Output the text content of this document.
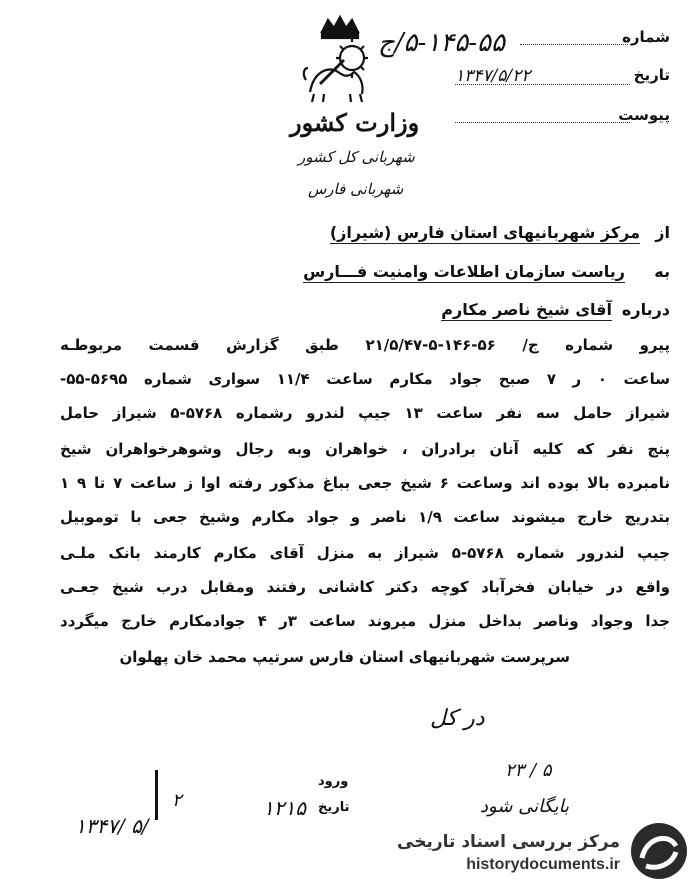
شماره
۵-۱۴۵-۵۵/ج
تاریخ
۱۳۴۷/۵/۲۲
پیوست
وزارت کشور
شهربانی کل کشور
شهربانی فارس
از
مرکز شهربانیهای استان فارس (شیراز)
به
ریاست سازمان اطلاعات وامنیت فـــارس
درباره
آقای شیخ ناصر مکارم
پیرو شماره ج/ ۵۶-۱۴۶-۵-۲۱/۵/۴۷ طبق گزارش قسمت مربوطـه
ساعت ۰ ر ۷ صبح جواد مکارم ساعت ۱۱/۴ سواری شماره ۵۶۹۵-۵۵-
شیراز حامل سه نفر ساعت ۱۳ جیپ لندرو رشماره ۵۷۶۸-۵ شیراز حامل
پنج نفر که کلیه آنان برادران ، خواهران وبه رجال وشوهرخواهران شیخ
نامبرده بالا بوده اند وساعت ۶ شیخ جعی بباغ مذکور رفته اوا ز ساعت ۷ تا ۹ ۱
بتدریج خارج میشوند ساعت ۱/۹ ناصر و جواد مکارم وشیخ جعی با توموبیل
جیپ لندرور شماره ۵۷۶۸-۵ شیراز به منزل آقای مکارم کارمند بانک ملـی
واقع در خیابان فخرآباد کوچه دکتر کاشانی رفتند ومقابل درب شیخ جعـی
جدا وجواد وناصر بداخل منزل میروند ساعت ۳ر ۴ جوادمکارم خارج میگردد
سرپرست شهربانیهای استان فارس سرتیپ محمد خان پهلوان
در کل
۲۳ / ۵
بایگانی شود
ورود
۲	۱۲۱۵ تاریخ
۱۳۴۷/ ۵/
مرکز بررسی اسناد تاریخی
historydocuments.ir
